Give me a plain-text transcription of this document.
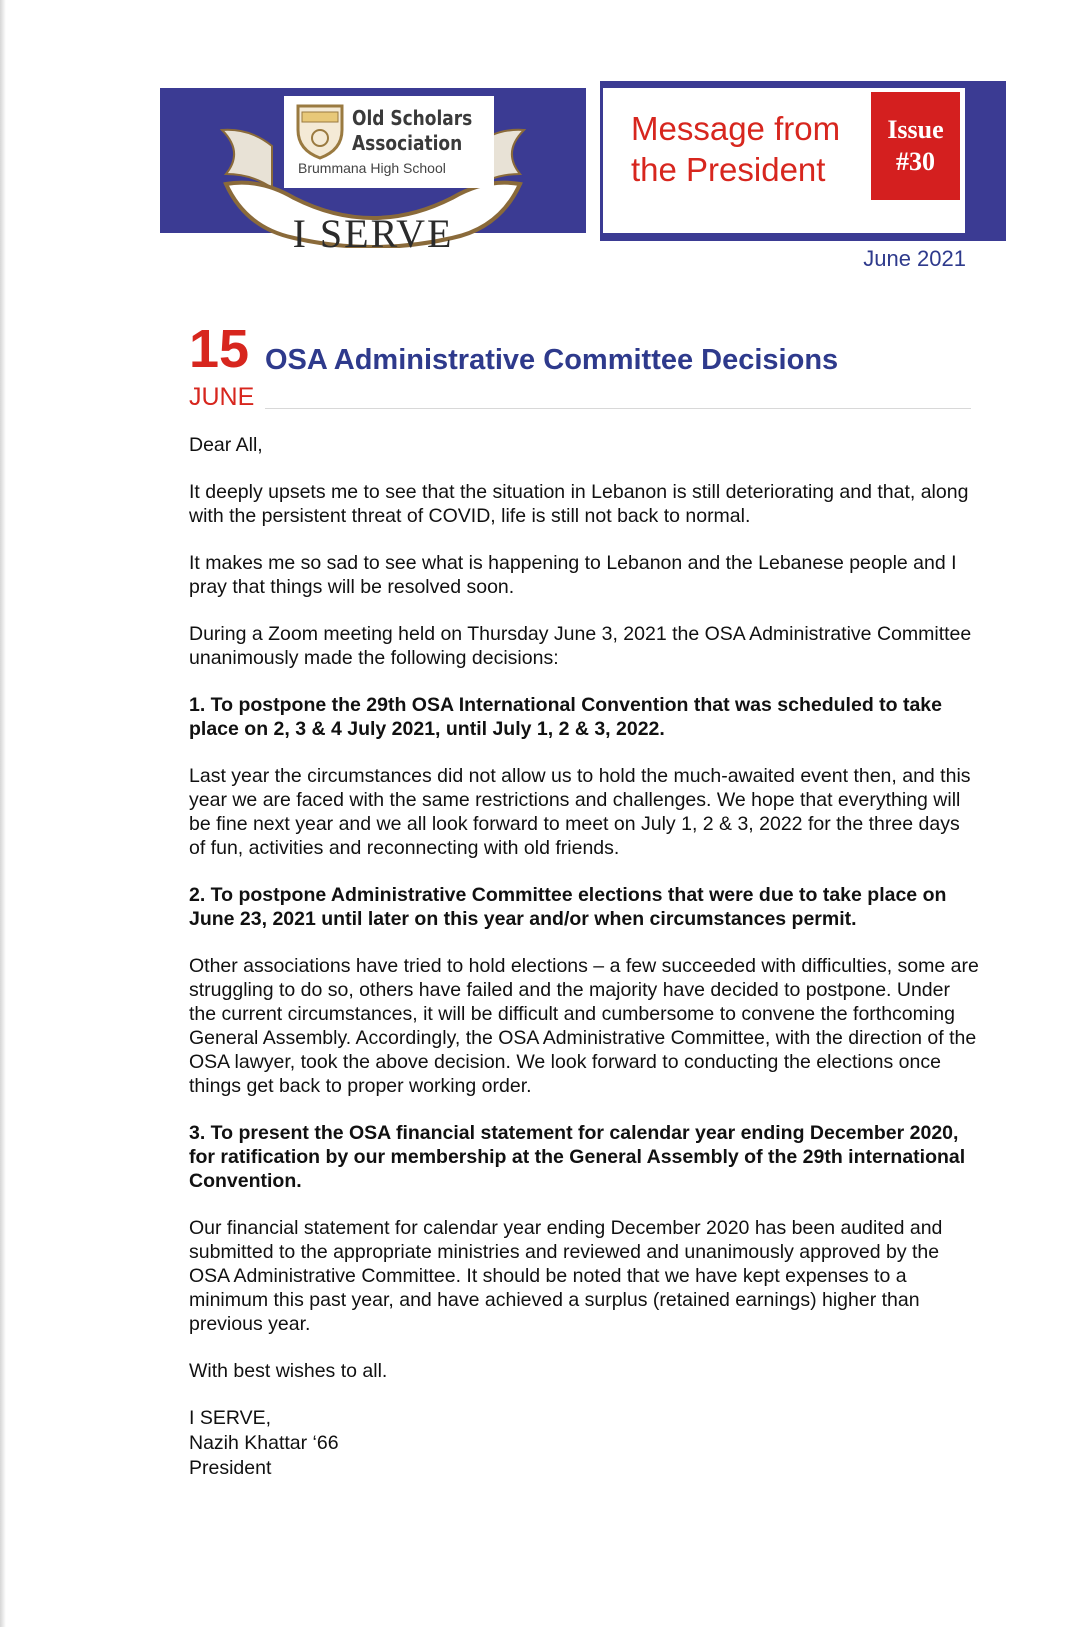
Old Scholars
Association
Brummana High School
I SERVE
Message from the President
Issue
#30
June 2021
15
JUNE
OSA Administrative Committee Decisions

Dear All,

It deeply upsets me to see that the situation in Lebanon is still deteriorating and that, along with the persistent threat of COVID, life is still not back to normal.

It makes me so sad to see what is happening to Lebanon and the Lebanese people and I pray that things will be resolved soon.

During a Zoom meeting held on Thursday June 3, 2021 the OSA Administrative Committee unanimously made the following decisions:

1. To postpone the 29th OSA International Convention that was scheduled to take place on 2, 3 & 4 July 2021, until July 1, 2 & 3, 2022.

Last year the circumstances did not allow us to hold the much-awaited event then, and this year we are faced with the same restrictions and challenges. We hope that everything will be fine next year and we all look forward to meet on July 1, 2 & 3, 2022 for the three days of fun, activities and reconnecting with old friends.

2. To postpone Administrative Committee elections that were due to take place on June 23, 2021 until later on this year and/or when circumstances permit.

Other associations have tried to hold elections – a few succeeded with difficulties, some are struggling to do so, others have failed and the majority have decided to postpone. Under the current circumstances, it will be difficult and cumbersome to convene the forthcoming General Assembly. Accordingly, the OSA Administrative Committee, with the direction of the OSA lawyer, took the above decision. We look forward to conducting the elections once things get back to proper working order.

3. To present the OSA financial statement for calendar year ending December 2020, for ratification by our membership at the General Assembly of the 29th international Convention.

Our financial statement for calendar year ending December 2020 has been audited and submitted to the appropriate ministries and reviewed and unanimously approved by the OSA Administrative Committee. It should be noted that we have kept expenses to a minimum this past year, and have achieved a surplus (retained earnings) higher than previous year.

With best wishes to all.

I SERVE,
Nazih Khattar ‘66
President
